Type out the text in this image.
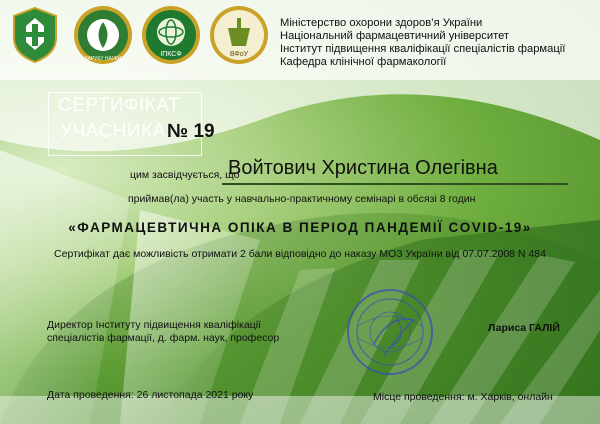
ЗАРУКУ НАУКИ
ІПКСФ	ВФоУ
Міністерство охорони здоров’я України
Національний фармацевтичний університет
Інститут підвищення кваліфікації спеціалістів фармації
Кафедра клінічної фармакології
СЕРТИФІКАТ
УЧАСНИКА № 19
цим засвідчується, що
Войтович Христина Олегівна
приймав(ла) участь у навчально-практичному семінарі в обсязі 8 годин
«ФАРМАЦЕВТИЧНА ОПІКА В ПЕРІОД ПАНДЕМІЇ COVID-19»
Сертифікат дає можливість отримати 2 бали відповідно до наказу МОЗ України від 07.07.2008 N 484
Директор Інституту підвищення кваліфікації
спеціалістів фармації, д. фарм. наук, професор
Лариса ГАЛІЙ
Дата проведення: 26 листопада 2021 року	Місце проведення: м. Харків, онлайн
